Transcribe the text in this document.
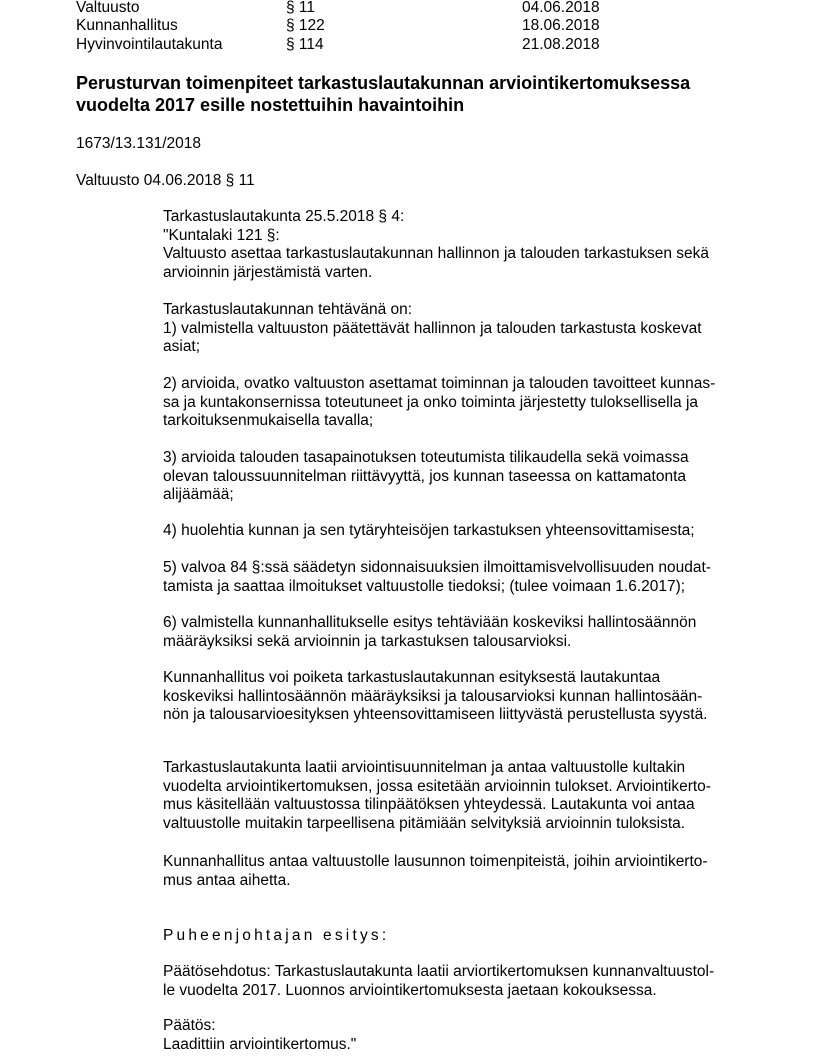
Valtuusto	§ 11	04.06.2018
Kunnanhallitus	§ 122	18.06.2018
Hyvinvointilautakunta	§ 114	21.08.2018
Perusturvan toimenpiteet tarkastuslautakunnan arviointikertomuksessa
vuodelta 2017 esille nostettuihin havaintoihin
1673/13.131/2018
Valtuusto 04.06.2018 § 11
Tarkastuslautakunta 25.5.2018 § 4:
"Kuntalaki 121 §:
Valtuusto asettaa tarkastuslautakunnan hallinnon ja talouden tarkastuksen sekä
arvioinnin järjestämistä varten.
Tarkastuslautakunnan tehtävänä on:
1) valmistella valtuuston päätettävät hallinnon ja talouden tarkastusta koskevat
asiat;
2) arvioida, ovatko valtuuston asettamat toiminnan ja talouden tavoitteet kunnas-
sa ja kuntakonsernissa toteutuneet ja onko toiminta järjestetty tuloksellisella ja
tarkoituksenmukaisella tavalla;
3) arvioida talouden tasapainotuksen toteutumista tilikaudella sekä voimassa
olevan taloussuunnitelman riittävyyttä, jos kunnan taseessa on kattamatonta
alijäämää;
4) huolehtia kunnan ja sen tytäryhteisöjen tarkastuksen yhteensovittamisesta;
5) valvoa 84 §:ssä säädetyn sidonnaisuuksien ilmoittamisvelvollisuuden noudat-
tamista ja saattaa ilmoitukset valtuustolle tiedoksi; (tulee voimaan 1.6.2017);
6) valmistella kunnanhallitukselle esitys tehtäviään koskeviksi hallintosäännön
määräyksiksi sekä arvioinnin ja tarkastuksen talousarvioksi.
Kunnanhallitus voi poiketa tarkastuslautakunnan esityksestä lautakuntaa
koskeviksi hallintosäännön määräyksiksi ja talousarvioksi kunnan hallintosään-
nön ja talousarvioesityksen yhteensovittamiseen liittyvästä perustellusta syystä.
Tarkastuslautakunta laatii arviointisuunnitelman ja antaa valtuustolle kultakin
vuodelta arviointikertomuksen, jossa esitetään arvioinnin tulokset. Arviointikerto-
mus käsitellään valtuustossa tilinpäätöksen yhteydessä. Lautakunta voi antaa
valtuustolle muitakin tarpeellisena pitämiään selvityksiä arvioinnin tuloksista.
Kunnanhallitus antaa valtuustolle lausunnon toimenpiteistä, joihin arviointikerto-
mus antaa aihetta.
Puheenjohtajan esitys:
Päätösehdotus: Tarkastuslautakunta laatii arviortikertomuksen kunnanvaltuustol-
le vuodelta 2017. Luonnos arviointikertomuksesta jaetaan kokouksessa.
Päätös:
Laadittiin arviointikertomus."
